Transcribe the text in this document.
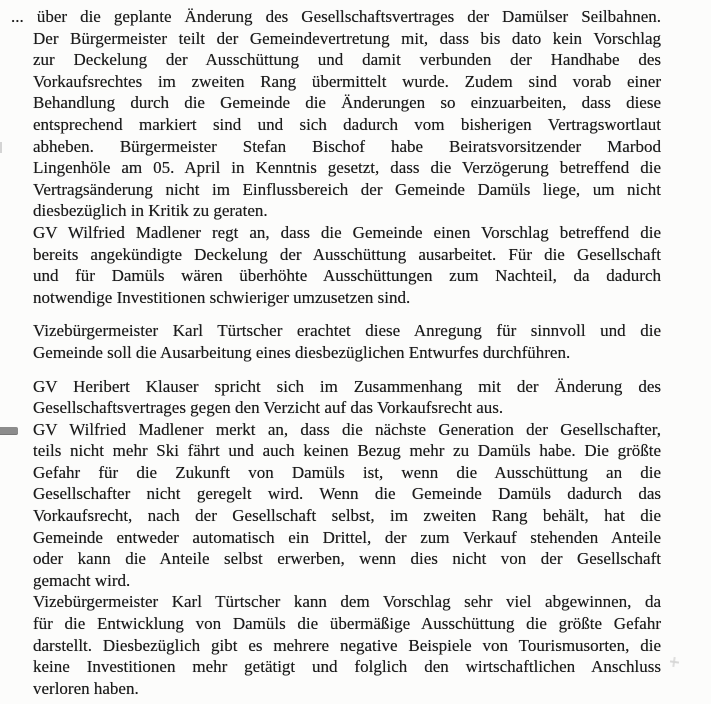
... über die geplante Änderung des Gesellschaftsvertrages der Damülser Seilbahnen.
Der Bürgermeister teilt der Gemeindevertretung mit, dass bis dato kein Vorschlag
zur Deckelung der Ausschüttung und damit verbunden der Handhabe des
Vorkaufsrechtes im zweiten Rang übermittelt wurde. Zudem sind vorab einer
Behandlung durch die Gemeinde die Änderungen so einzuarbeiten, dass diese
entsprechend markiert sind und sich dadurch vom bisherigen Vertragswortlaut
abheben. Bürgermeister Stefan Bischof habe Beiratsvorsitzender Marbod
Lingenhöle am 05. April in Kenntnis gesetzt, dass die Verzögerung betreffend die
Vertragsänderung nicht im Einflussbereich der Gemeinde Damüls liege, um nicht
diesbezüglich in Kritik zu geraten.
GV Wilfried Madlener regt an, dass die Gemeinde einen Vorschlag betreffend die
bereits angekündigte Deckelung der Ausschüttung ausarbeitet. Für die Gesellschaft
und für Damüls wären überhöhte Ausschüttungen zum Nachteil, da dadurch
notwendige Investitionen schwieriger umzusetzen sind.
Vizebürgermeister Karl Türtscher erachtet diese Anregung für sinnvoll und die
Gemeinde soll die Ausarbeitung eines diesbezüglichen Entwurfes durchführen.
GV Heribert Klauser spricht sich im Zusammenhang mit der Änderung des
Gesellschaftsvertrages gegen den Verzicht auf das Vorkaufsrecht aus.
GV Wilfried Madlener merkt an, dass die nächste Generation der Gesellschafter,
teils nicht mehr Ski fährt und auch keinen Bezug mehr zu Damüls habe. Die größte
Gefahr für die Zukunft von Damüls ist, wenn die Ausschüttung an die
Gesellschafter nicht geregelt wird. Wenn die Gemeinde Damüls dadurch das
Vorkaufsrecht, nach der Gesellschaft selbst, im zweiten Rang behält, hat die
Gemeinde entweder automatisch ein Drittel, der zum Verkauf stehenden Anteile
oder kann die Anteile selbst erwerben, wenn dies nicht von der Gesellschaft
gemacht wird.
Vizebürgermeister Karl Türtscher kann dem Vorschlag sehr viel abgewinnen, da
für die Entwicklung von Damüls die übermäßige Ausschüttung die größte Gefahr
darstellt. Diesbezüglich gibt es mehrere negative Beispiele von Tourismusorten, die
keine Investitionen mehr getätigt und folglich den wirtschaftlichen Anschluss
verloren haben.
